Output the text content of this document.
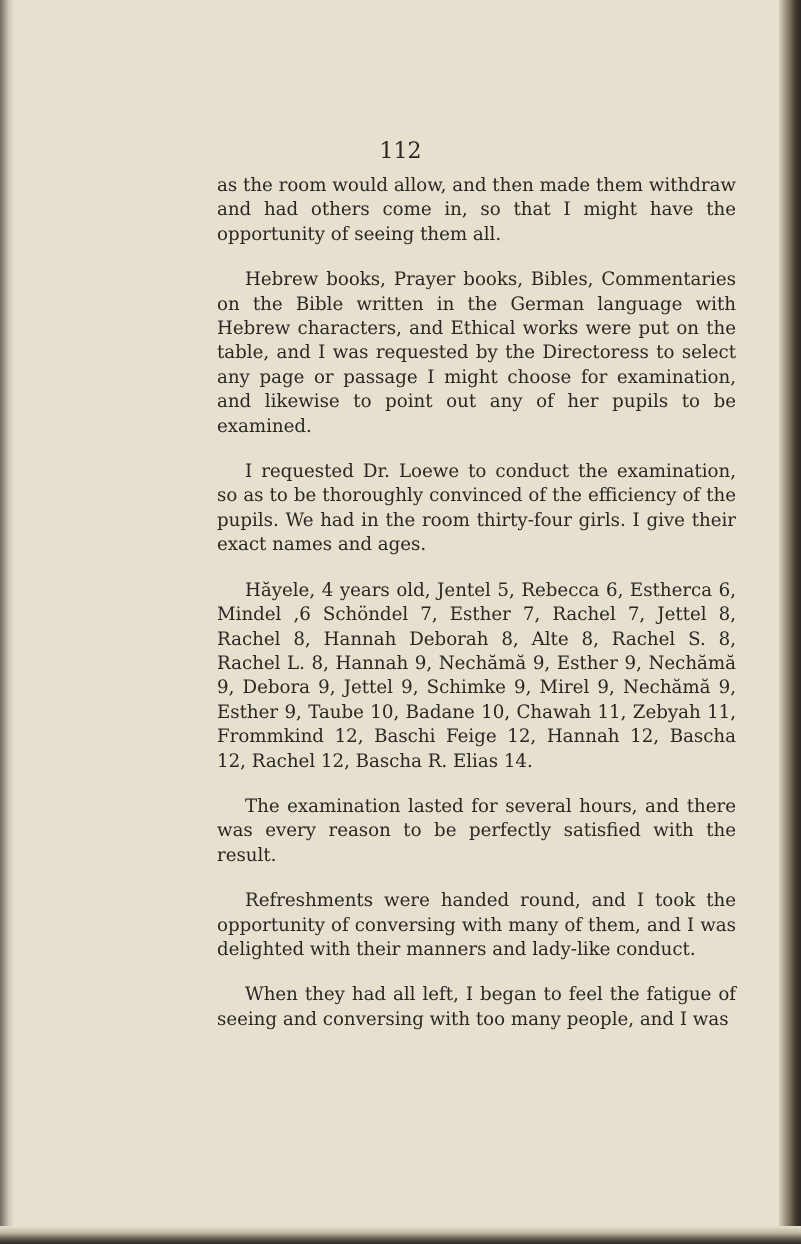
112

as the room would allow, and then made them withdraw and had others come in, so that I might have the opportunity of seeing them all.

Hebrew books, Prayer books, Bibles, Commentaries on the Bible written in the German language with Hebrew characters, and Ethical works were put on the table, and I was requested by the Directoress to select any page or passage I might choose for examination, and likewise to point out any of her pupils to be examined.

I requested Dr. Loewe to conduct the examination, so as to be thoroughly convinced of the efficiency of the pupils. We had in the room thirty-four girls. I give their exact names and ages.

Hăyele, 4 years old, Jentel 5, Rebecca 6, Estherca 6, Mindel ,6 Schöndel 7, Esther 7, Rachel 7, Jettel 8, Rachel 8, Hannah Deborah 8, Alte 8, Rachel S. 8, Rachel L. 8, Hannah 9, Nechămă 9, Esther 9, Nechămă 9, Debora 9, Jettel 9, Schimke 9, Mirel 9, Nechămă 9, Esther 9, Taube 10, Badane 10, Chawah 11, Zebyah 11, Frommkind 12, Baschi Feige 12, Hannah 12, Bascha 12, Rachel 12, Bascha R. Elias 14.

The examination lasted for several hours, and there was every reason to be perfectly satisfied with the result.

Refreshments were handed round, and I took the opportunity of conversing with many of them, and I was delighted with their manners and lady-like conduct.

When they had all left, I began to feel the fatigue of seeing and conversing with too many people, and I was
